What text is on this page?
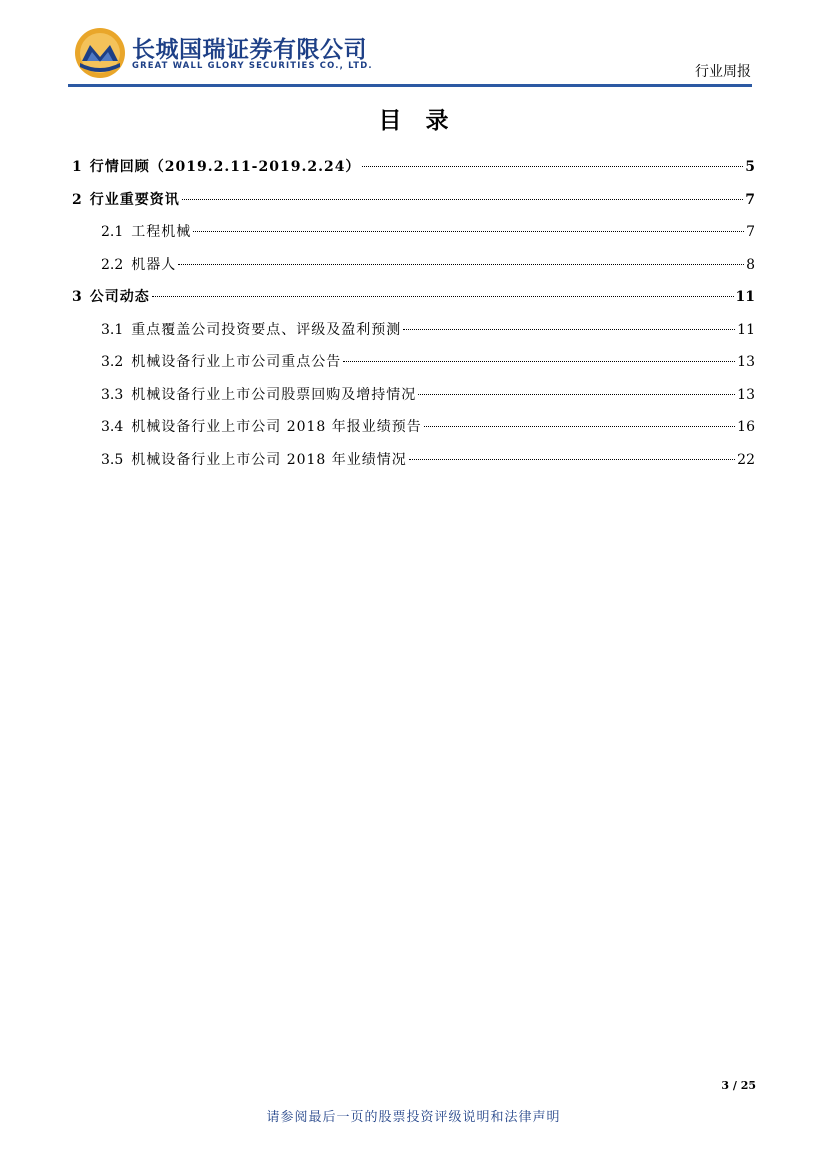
长城国瑞证券有限公司
GREAT WALL GLORY SECURITIES CO., LTD.	行业周报
目录
1 行情回顾（2019.2.11-2019.2.24）	5
2 行业重要资讯	7
2.1 工程机械	7
2.2 机器人	8
3 公司动态	11
3.1 重点覆盖公司投资要点、评级及盈利预测	11
3.2 机械设备行业上市公司重点公告	13
3.3 机械设备行业上市公司股票回购及增持情况	13
3.4 机械设备行业上市公司 2018 年报业绩预告	16
3.5 机械设备行业上市公司 2018 年业绩情况	22
3 / 25
请参阅最后一页的股票投资评级说明和法律声明
